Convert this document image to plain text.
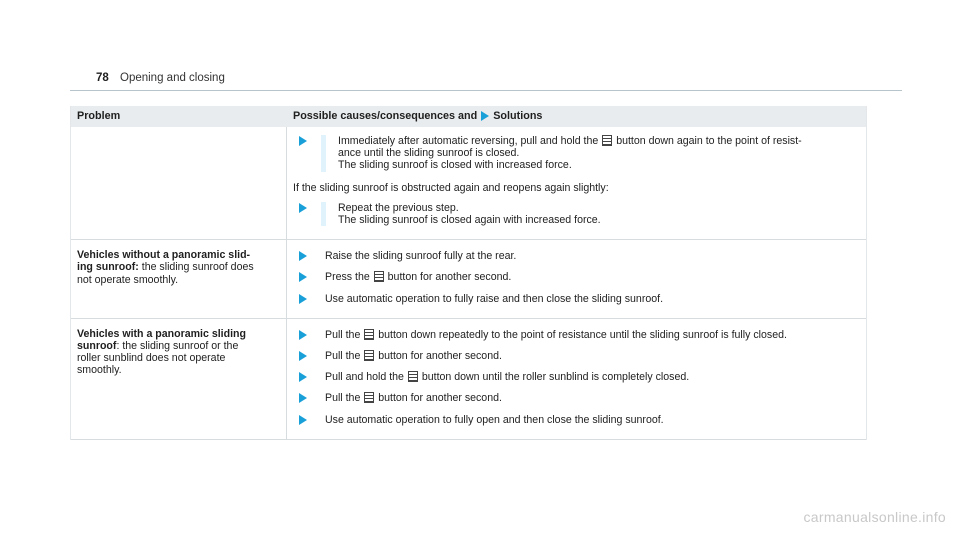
78 Opening and closing
Problem	Possible causes/consequences and Solutions
Immediately after automatic reversing, pull and hold the button down again to the point of resist-
ance until the sliding sunroof is closed.
The sliding sunroof is closed with increased force.
If the sliding sunroof is obstructed again and reopens again slightly:
Repeat the previous step.
The sliding sunroof is closed again with increased force.
Vehicles without a panoramic slid-
ing sunroof: the sliding sunroof does
not operate smoothly.
Raise the sliding sunroof fully at the rear.
Press the button for another second.
Use automatic operation to fully raise and then close the sliding sunroof.
Vehicles with a panoramic sliding
sunroof: the sliding sunroof or the
roller sunblind does not operate
smoothly.
Pull the button down repeatedly to the point of resistance until the sliding sunroof is fully closed.
Pull the button for another second.
Pull and hold the button down until the roller sunblind is completely closed.
Pull the button for another second.
Use automatic operation to fully open and then close the sliding sunroof.
carmanualsonline.info
